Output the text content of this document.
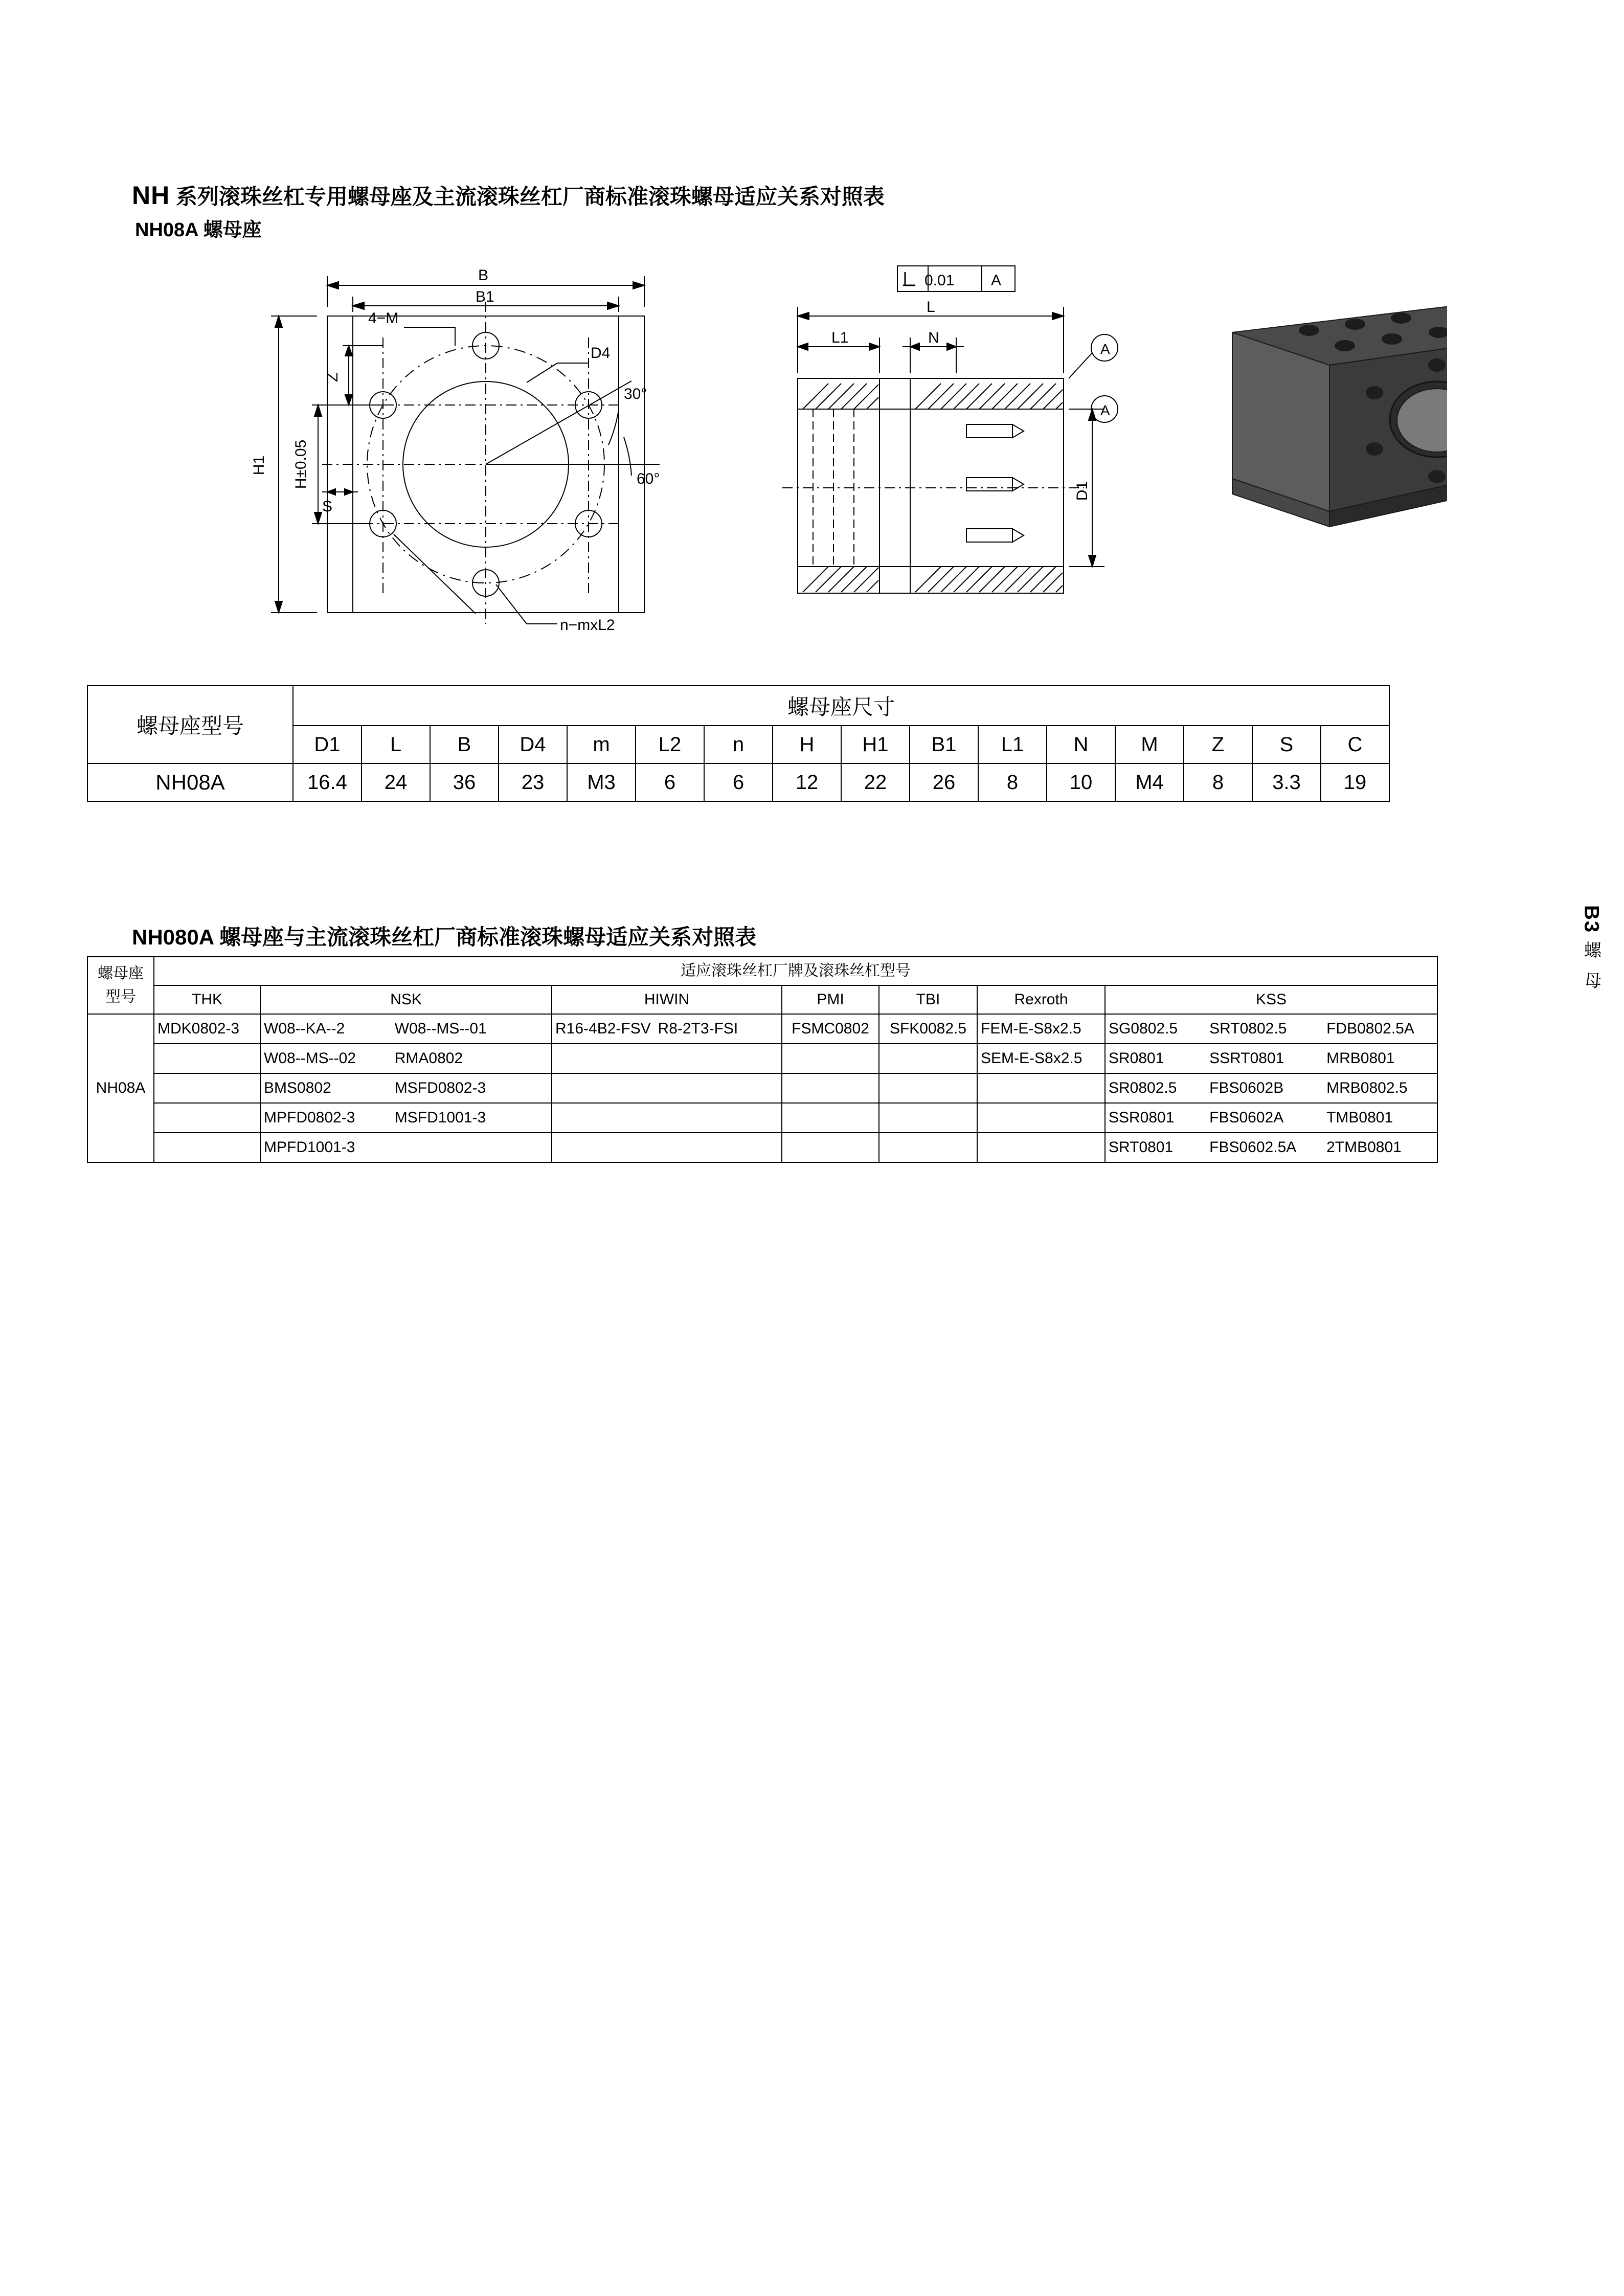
NH 系列滚珠丝杠专用螺母座及主流滚珠丝杠厂商标准滚珠螺母适应关系对照表
NH08A 螺母座
B3 螺 母
B
B1
4−M
D4
H1 H±0.05
Z
S
30°
60°
n−mxL2
0.01 A
A
A
L
L1	N
D1
螺母座型号	螺母座尺寸															
	D1	L	B	D4	m	L2	n	H	H1	B1	L1	N	M	Z	S	C
NH08A	16.4	24	36	23	M3	6	6	12	22	26	8	10	M4	8	3.3	19
NH080A 螺母座与主流滚珠丝杠厂商标准滚珠螺母适应关系对照表
螺母座
型号	适应滚珠丝杠厂牌及滚珠丝杠型号						
	THK	NSK	HIWIN	PMI	TBI	Rexroth	KSS
NH08A	MDK0802-3	W08--KA--2 W08--MS--01	R16-4B2-FSV R8-2T3-FSI	FSMC0802	SFK0082.5	FEM-E-S8x2.5	SG0802.5 SRT0802.5 FDB0802.5A
		W08--MS--02 RMA0802				SEM-E-S8x2.5	SR0801 SSRT0801 MRB0801
		BMS0802 MSFD0802-3					SR0802.5 FBS0602B MRB0802.5
		MPFD0802-3 MSFD1001-3					SSR0801 FBS0602A TMB0801
		MPFD1001-3					SRT0801 FBS0602.5A 2TMB0801
